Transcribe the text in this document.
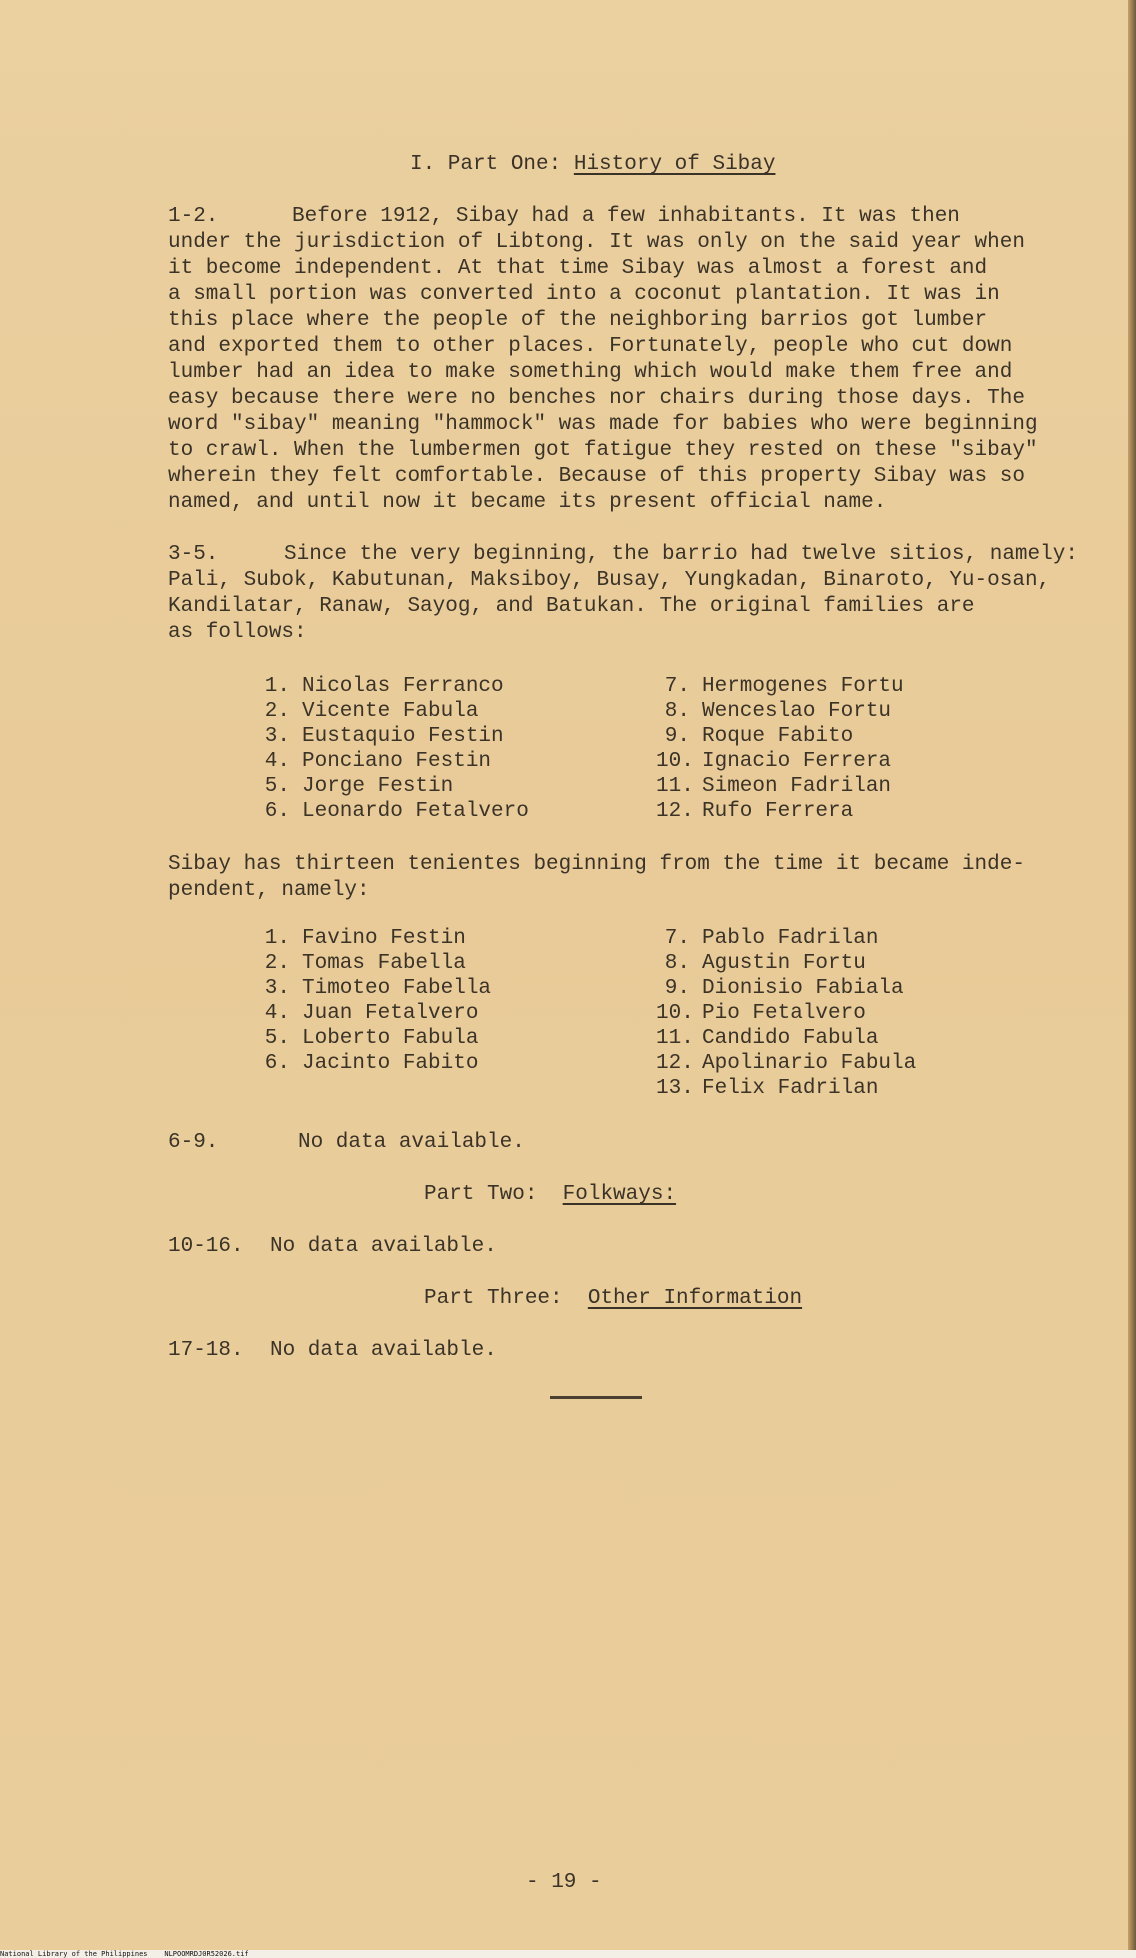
I. Part One: History of Sibay
1-2.	Before 1912, Sibay had a few inhabitants. It was then
under the jurisdiction of Libtong. It was only on the said year when
it become independent. At that time Sibay was almost a forest and
a small portion was converted into a coconut plantation. It was in
this place where the people of the neighboring barrios got lumber
and exported them to other places. Fortunately, people who cut down
lumber had an idea to make something which would make them free and
easy because there were no benches nor chairs during those days. The
word "sibay" meaning "hammock" was made for babies who were beginning
to crawl. When the lumbermen got fatigue they rested on these "sibay"
wherein they felt comfortable. Because of this property Sibay was so
named, and until now it became its present official name.
3-5.	Since the very beginning, the barrio had twelve sitios, namely:
Pali, Subok, Kabutunan, Maksiboy, Busay, Yungkadan, Binaroto, Yu-osan,
Kandilatar, Ranaw, Sayog, and Batukan. The original families are
as follows:
1. Nicolas Ferranco
2. Vicente Fabula
3. Eustaquio Festin
4. Ponciano Festin
5. Jorge Festin
6. Leonardo Fetalvero
7. Hermogenes Fortu
8. Wenceslao Fortu
9. Roque Fabito
10. Ignacio Ferrera
11. Simeon Fadrilan
12. Rufo Ferrera
Sibay has thirteen tenientes beginning from the time it became inde-
pendent, namely:
1. Favino Festin
2. Tomas Fabella
3. Timoteo Fabella
4. Juan Fetalvero
5. Loberto Fabula
6. Jacinto Fabito
7. Pablo Fadrilan
8. Agustin Fortu
9. Dionisio Fabiala
10. Pio Fetalvero
11. Candido Fabula
12. Apolinario Fabula
13. Felix Fadrilan
6-9.	No data available.
Part Two: Folkways:
10-16. No data available.
Part Three: Other Information
17-18. No data available.
- 19 -
National Library of the Philippines    NLPOOMRDJ0R52026.tif
